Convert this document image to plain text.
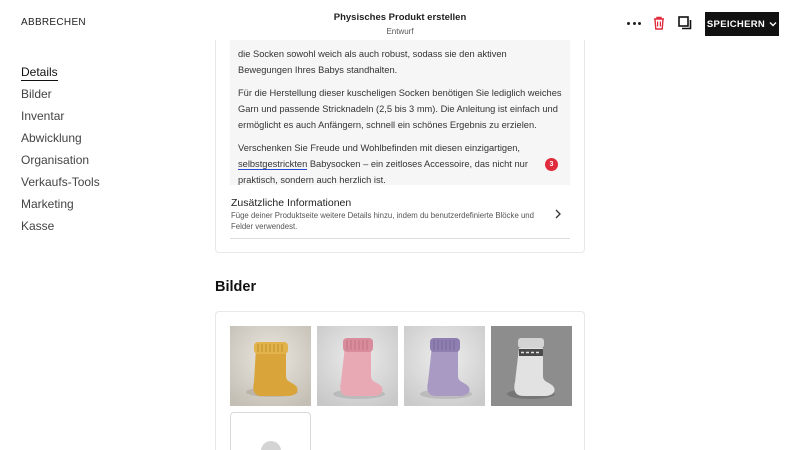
ABBRECHEN	Physisches Produkt erstellen
Entwurf
SPEICHERN
Details
Bilder
Inventar
Abwicklung
Organisation
Verkaufs-Tools
Marketing
Kasse

die Socken sowohl weich als auch robust, sodass sie den aktiven Bewegungen Ihres Babys standhalten.

Für die Herstellung dieser kuscheligen Socken benötigen Sie lediglich weiches Garn und passende Stricknadeln (2,5 bis 3 mm). Die Anleitung ist einfach und ermöglicht es auch Anfängern, schnell ein schönes Ergebnis zu erzielen.

Verschenken Sie Freude und Wohlbefinden mit diesen einzigartigen, selbstgestrickten Babysocken – ein zeitloses Accessoire, das nicht nur praktisch, sondern auch herzlich ist.

3
Zusätzliche Informationen
Füge deiner Produktseite weitere Details hinzu, indem du benutzerdefinierte Blöcke und Felder verwendest.
Bilder
